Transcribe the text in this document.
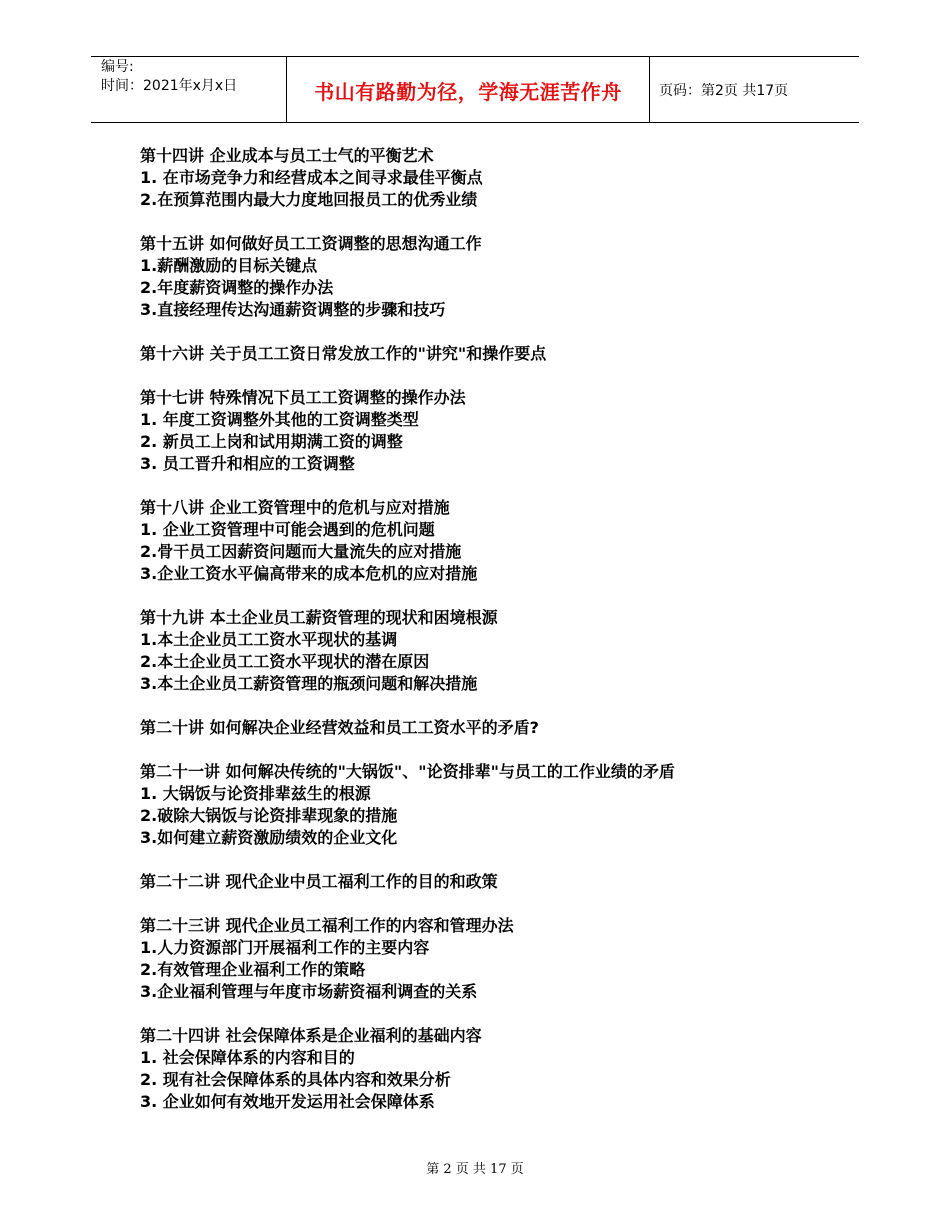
编号:
时间：2021年x月x日	书山有路勤为径，学海无涯苦作舟	页码：第2页 共17页
第十四讲 企业成本与员工士气的平衡艺术
1. 在市场竞争力和经营成本之间寻求最佳平衡点
2.在预算范围内最大力度地回报员工的优秀业绩
第十五讲 如何做好员工工资调整的思想沟通工作
1.薪酬激励的目标关键点
2.年度薪资调整的操作办法
3.直接经理传达沟通薪资调整的步骤和技巧
第十六讲 关于员工工资日常发放工作的"讲究"和操作要点
第十七讲 特殊情况下员工工资调整的操作办法
1. 年度工资调整外其他的工资调整类型
2. 新员工上岗和试用期满工资的调整
3. 员工晋升和相应的工资调整
第十八讲 企业工资管理中的危机与应对措施
1. 企业工资管理中可能会遇到的危机问题
2.骨干员工因薪资问题而大量流失的应对措施
3.企业工资水平偏高带来的成本危机的应对措施
第十九讲 本土企业员工薪资管理的现状和困境根源
1.本土企业员工工资水平现状的基调
2.本土企业员工工资水平现状的潜在原因
3.本土企业员工薪资管理的瓶颈问题和解决措施
第二十讲 如何解决企业经营效益和员工工资水平的矛盾?
第二十一讲 如何解决传统的"大锅饭"、"论资排辈"与员工的工作业绩的矛盾
1. 大锅饭与论资排辈兹生的根源
2.破除大锅饭与论资排辈现象的措施
3.如何建立薪资激励绩效的企业文化
第二十二讲 现代企业中员工福利工作的目的和政策
第二十三讲 现代企业员工福利工作的内容和管理办法
1.人力资源部门开展福利工作的主要内容
2.有效管理企业福利工作的策略
3.企业福利管理与年度市场薪资福利调查的关系
第二十四讲 社会保障体系是企业福利的基础内容
1. 社会保障体系的内容和目的
2. 现有社会保障体系的具体内容和效果分析
3. 企业如何有效地开发运用社会保障体系
第 2 页 共 17 页
